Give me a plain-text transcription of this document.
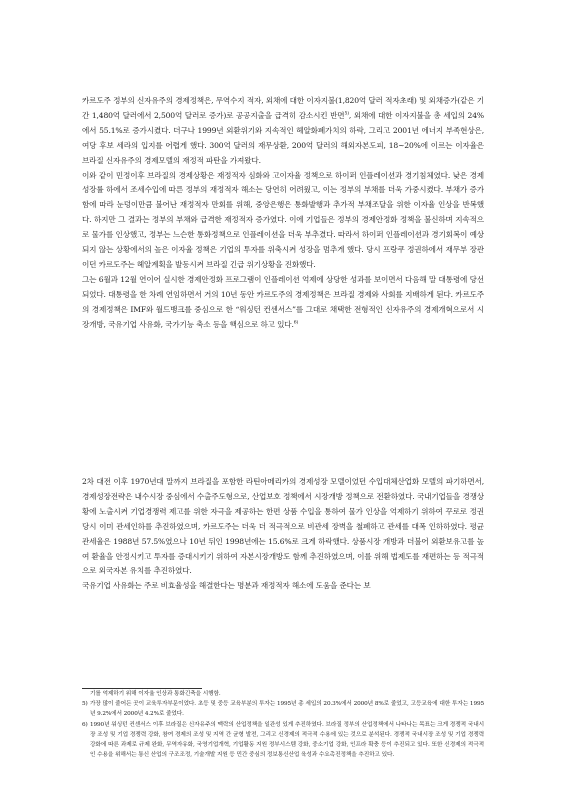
카르도주 정부의 신자유주의 경제정책은, 무역수지 적자, 외채에 대한 이자지불(1,820억 달러 적자초래) 및 외채증가(같은 기간 1,480억 달러에서 2,500억 달러로 증가)로 공공지출을 급격히 감소시킨 반면$^{5)}$, 외채에 대한 이자지불을 총 세입의 24%에서 55.1%로 증가시켰다. 더구나 1999년 외환위기와 지속적인 헤알화폐가치의 하락, 그리고 2001년 에너지 부족현상은, 여당 후보 세라의 입지를 어렵게 했다. 300억 달러의 재무상환, 200억 달러의 해외자본도피, 18~20%에 이르는 이자율은 브라질 신자유주의 경제모델의 재정적 파탄을 가져왔다.

이와 같이 민정이후 브라질의 경제상황은 재정적자 심화와 고이자율 정책으로 하이퍼 인플레이션과 경기침체였다. 낮은 경제 성장률 하에서 조세수입에 따른 정부의 재정적자 해소는 당연히 어려웠고, 이는 정부의 부채를 더욱 가중시켰다. 부채가 증가함에 따라 눈덩이만큼 불어난 재정적자 만회를 위해, 중앙은행은 통화발행과 추가적 부채조달을 위한 이자율 인상을 반복했다. 하지만 그 결과는 정부의 부채와 급격한 재정적자 증가였다. 이에 기업들은 정부의 경제안정화 정책을 불신하며 지속적으로 물가를 인상했고, 정부는 느슨한 통화정책으로 인플레이션을 더욱 부추겼다. 따라서 하이퍼 인플레이션과 경기회복이 예상되지 않는 상황에서의 높은 이자율 정책은 기업의 투자를 위축시켜 성장을 멈추게 했다. 당시 프랑쿠 정권하에서 재무부 장관이던 카르도주는 헤알계획을 발동시켜 브라질 긴급 위기상황을 진화했다.

그는 6월과 12월 연이어 실시한 경제안정화 프로그램이 인플레이션 억제에 상당한 성과를 보이면서 다음해 말 대통령에 당선되었다. 대통령을 한 차례 연임하면서 거의 10년 동안 카르도주의 경제정책은 브라질 경제와 사회를 지배하게 된다. 카르도주의 경제정책은 IMF와 월드뱅크를 중심으로 한 “워싱턴 컨센서스”를 그대로 채택한 전형적인 신자유주의 경제개혁으로서 시장개방, 국유기업 사유화, 국가기능 축소 등을 핵심으로 하고 있다.$^{6)}$

2차 대전 이후 1970년대 말까지 브라질을 포함한 라틴아메리카의 경제성장 모델이었던 수입대체산업화 모델의 파기하면서, 경제성장전략은 내수시장 중심에서 수출주도형으로, 산업보호 정책에서 시장개방 정책으로 전환하였다. 국내기업들을 경쟁상황에 노출시켜 기업경쟁력 제고를 위한 자극을 제공하는 한편 상품 수입을 통하여 물가 인상을 억제하기 위하여 꾸로로 정권 당시 이미 관세인하를 추진하였으며, 카르도주는 더욱 더 적극적으로 비관세 장벽을 철폐하고 관세를 대폭 인하하였다. 평균 관세율은 1988년 57.5%였으나 10년 뒤인 1998년에는 15.6%로 크게 하락했다. 상품시장 개방과 더불어 외환보유고를 높여 환율을 안정시키고 투자를 증대시키기 위하여 자본시장개방도 함께 추진하였으며, 이를 위해 법제도를 재편하는 등 적극적으로 외국자본 유치를 추진하였다.

국유기업 사유화는 주로 비효율성을 해결한다는 명분과 재정적자 해소에 도움을 준다는 보

기를 억제하기 위해 이자율 인상과 통화긴축을 시행함.
5) 가장 많이 줄어든 곳이 교육투자부문이었다. 초등 및 중등 교육부분의 투자는 1995년 총 세입의 20.3%에서 2000년 8%로 줄었고, 고등교육에 대한 투자는 1995년 9.2%에서 2000년 4.2%로 줄었다.
6) 1990년 워싱턴 컨센서스 이후 브라질은 신자유주의 맥락의 산업정책을 일관성 있게 추진하였다. 브라질 정부의 산업정책에서 나타나는 목표는 크게 경쟁적 국내시장 조성 및 기업 경쟁력 강화, 참여 경제의 조성 및 지역 간 균형 발전, 그리고 신경제의 적극적 수용에 있는 것으로 분석된다. 경쟁적 국내시장 조성 및 기업 경쟁력강화에 따른 과제로 규제 완화, 무역자유화, 국영기업개혁, 기업활동 지원 정부시스템 강화, 중소기업 강화, 인프라 확충 등이 추진되고 있다. 또한 신경제의 적극적인 수용을 위해서는 통신 산업의 구조조정, 기술개발 지원 등 민간 중심의 정보통신산업 육성과 수요촉진정책을 추진하고 있다.
